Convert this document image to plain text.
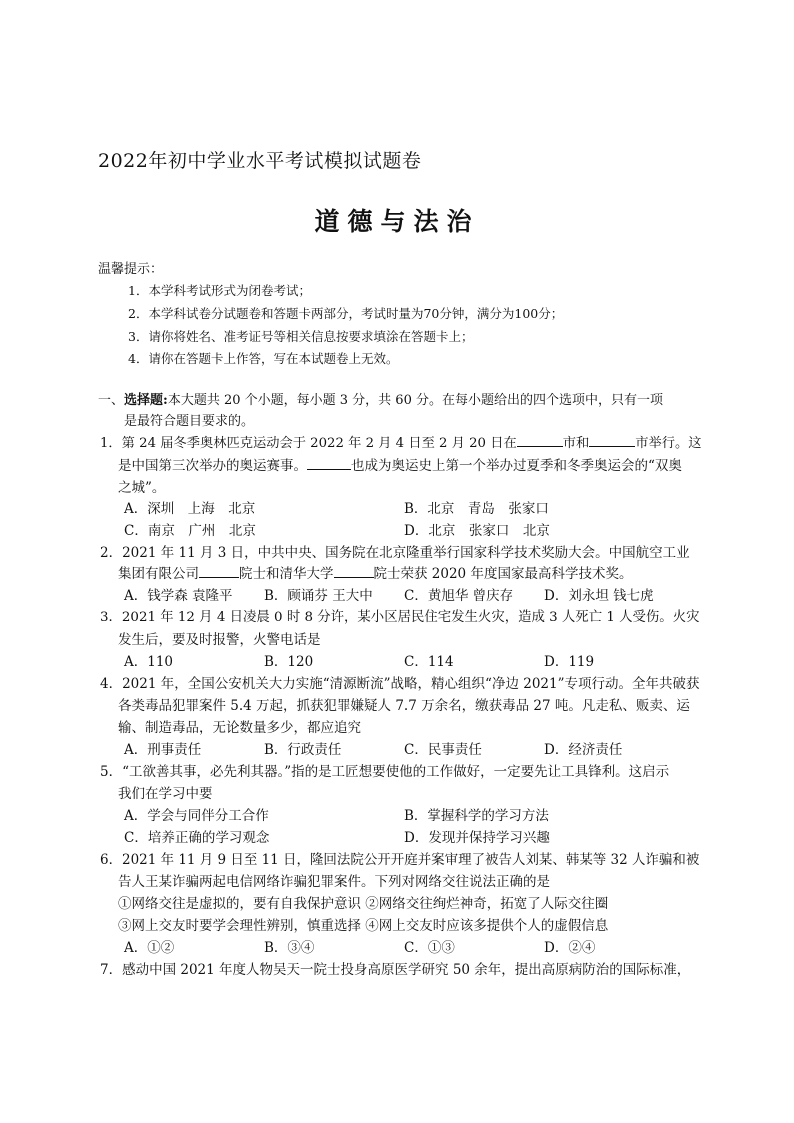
2022年初中学业水平考试模拟试题卷
道德与法治
温馨提示：
1．本学科考试形式为闭卷考试；
2．本学科试卷分试题卷和答题卡两部分，考试时量为70分钟，满分为100分；
3．请你将姓名、准考证号等相关信息按要求填涂在答题卡上；
4．请你在答题卡上作答，写在本试题卷上无效。
一、选择题:本大题共 20 个小题，每小题 3 分，共 60 分。在每小题给出的四个选项中，只有一项
是最符合题目要求的。
1．第 24 届冬季奥林匹克运动会于 2022 年 2 月 4 日至 2 月 20 日在	市和	市举行。这
是中国第三次举办的奥运赛事。	也成为奥运史上第一个举办过夏季和冬季奥运会的“双奥
之城”。
A．深圳　上海　北京	B．北京　青岛　张家口
C．南京　广州　北京	D．北京　张家口　北京
2．2021 年 11 月 3 日，中共中央、国务院在北京隆重举行国家科学技术奖励大会。中国航空工业
集团有限公司	院士和清华大学	院士荣获 2020 年度国家最高科学技术奖。
A．钱学森 袁隆平 B．顾诵芬 王大中 C．黄旭华 曾庆存 D．刘永坦 钱七虎
3．2021 年 12 月 4 日凌晨 0 时 8 分许，某小区居民住宅发生火灾，造成 3 人死亡 1 人受伤。火灾
发生后，要及时报警，火警电话是
A．110	B．120	C．114	D．119
4．2021 年，全国公安机关大力实施“清源断流”战略，精心组织“净边 2021”专项行动。全年共破获
各类毒品犯罪案件 5.4 万起，抓获犯罪嫌疑人 7.7 万余名，缴获毒品 27 吨。凡走私、贩卖、运
输、制造毒品，无论数量多少，都应追究
A．刑事责任	B．行政责任	C．民事责任	D．经济责任
5．“工欲善其事，必先利其器。”指的是工匠想要使他的工作做好，一定要先让工具锋利。这启示
我们在学习中要
A．学会与同伴分工合作	B．掌握科学的学习方法
C．培养正确的学习观念	D．发现并保持学习兴趣
6．2021 年 11 月 9 日至 11 日，隆回法院公开开庭并案审理了被告人刘某、韩某等 32 人诈骗和被
告人王某诈骗两起电信网络诈骗犯罪案件。下列对网络交往说法正确的是
①网络交往是虚拟的，要有自我保护意识 ②网络交往绚烂神奇，拓宽了人际交往圈
③网上交友时要学会理性辨别，慎重选择 ④网上交友时应该多提供个人的虚假信息
A．①②	B．③④	C．①③	D．②④
7．感动中国 2021 年度人物吴天一院士投身高原医学研究 50 余年，提出高原病防治的国际标准，
